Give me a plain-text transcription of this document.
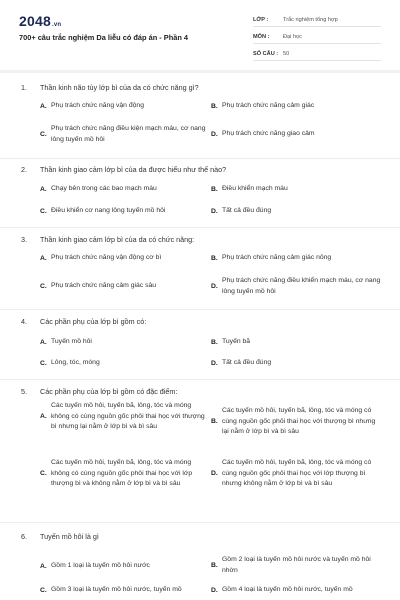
2048.vn
700+ câu trắc nghiệm Da liễu có đáp án - Phần 4
LỚP :	Trắc nghiệm tổng hợp
MÔN :	Đại học
SỐ CÂU : 50
1. Thần kinh não tủy lớp bì của da có chức năng gì?
A. Phụ trách chức năng vận động	B. Phụ trách chức năng cảm giác
C.
Phụ trách chức năng điều kiện mạch máu, cơ nang lông tuyến mồ hôi
D. Phụ trách chức năng giao cảm
2. Thần kinh giao cảm lớp bì của da được hiểu như thế nào?
A. Chạy bên trong các bao mạch máu	B. Điều khiển mạch máu
C. Điều khiển cơ nang lông tuyến mồ hôi	D. Tất cả đều đúng
3. Thần kinh giao cảm lớp bì của da có chức năng:
A. Phụ trách chức năng vận động cơ bì	B. Phụ trách chức năng cảm giác nông
C. Phụ trách chức năng cảm giác sâu	D.
Phụ trách chức năng điều khiển mạch máu, cơ nang lông tuyến mồ hôi
4. Các phần phụ của lớp bì gồm có:
A. Tuyến mồ hôi	B. Tuyến bã
C. Lông, tóc, móng	D. Tất cả đều đúng
5. Các phần phụ của lớp bì gồm có đặc điểm:
A.
Các tuyến mồ hôi, tuyến bã, lông, tóc và móng không có cùng nguồn gốc phôi thai học với thượng bì nhưng lại nằm ở lớp bì và bì sâu
B.
Các tuyến mồ hôi, tuyến bã, lông, tóc và móng có cùng nguồn gốc phôi thai học với thượng bì nhưng lại nằm ở lớp bì và bì sâu
C.
Các tuyến mồ hôi, tuyến bã, lông, tóc và móng không có cùng nguồn gốc phôi thai học với lớp thượng bì và không nằm ở lớp bì và bì sâu
D.
Các tuyến mồ hôi, tuyến bã, lông, tóc và móng có cùng nguồn gốc phôi thai học với lớp thượng bì nhưng không nằm ở lớp bì và bì sâu
6. Tuyến mồ hôi là gì
A. Gồm 1 loại là tuyến mồ hôi nước	B.
Gồm 2 loại là tuyến mồ hôi nước và tuyến mồ hôi nhờn
C. Gồm 3 loại là tuyến mồ hôi nước, tuyến mồ	D. Gồm 4 loại là tuyến mồ hôi nước, tuyến mồ
